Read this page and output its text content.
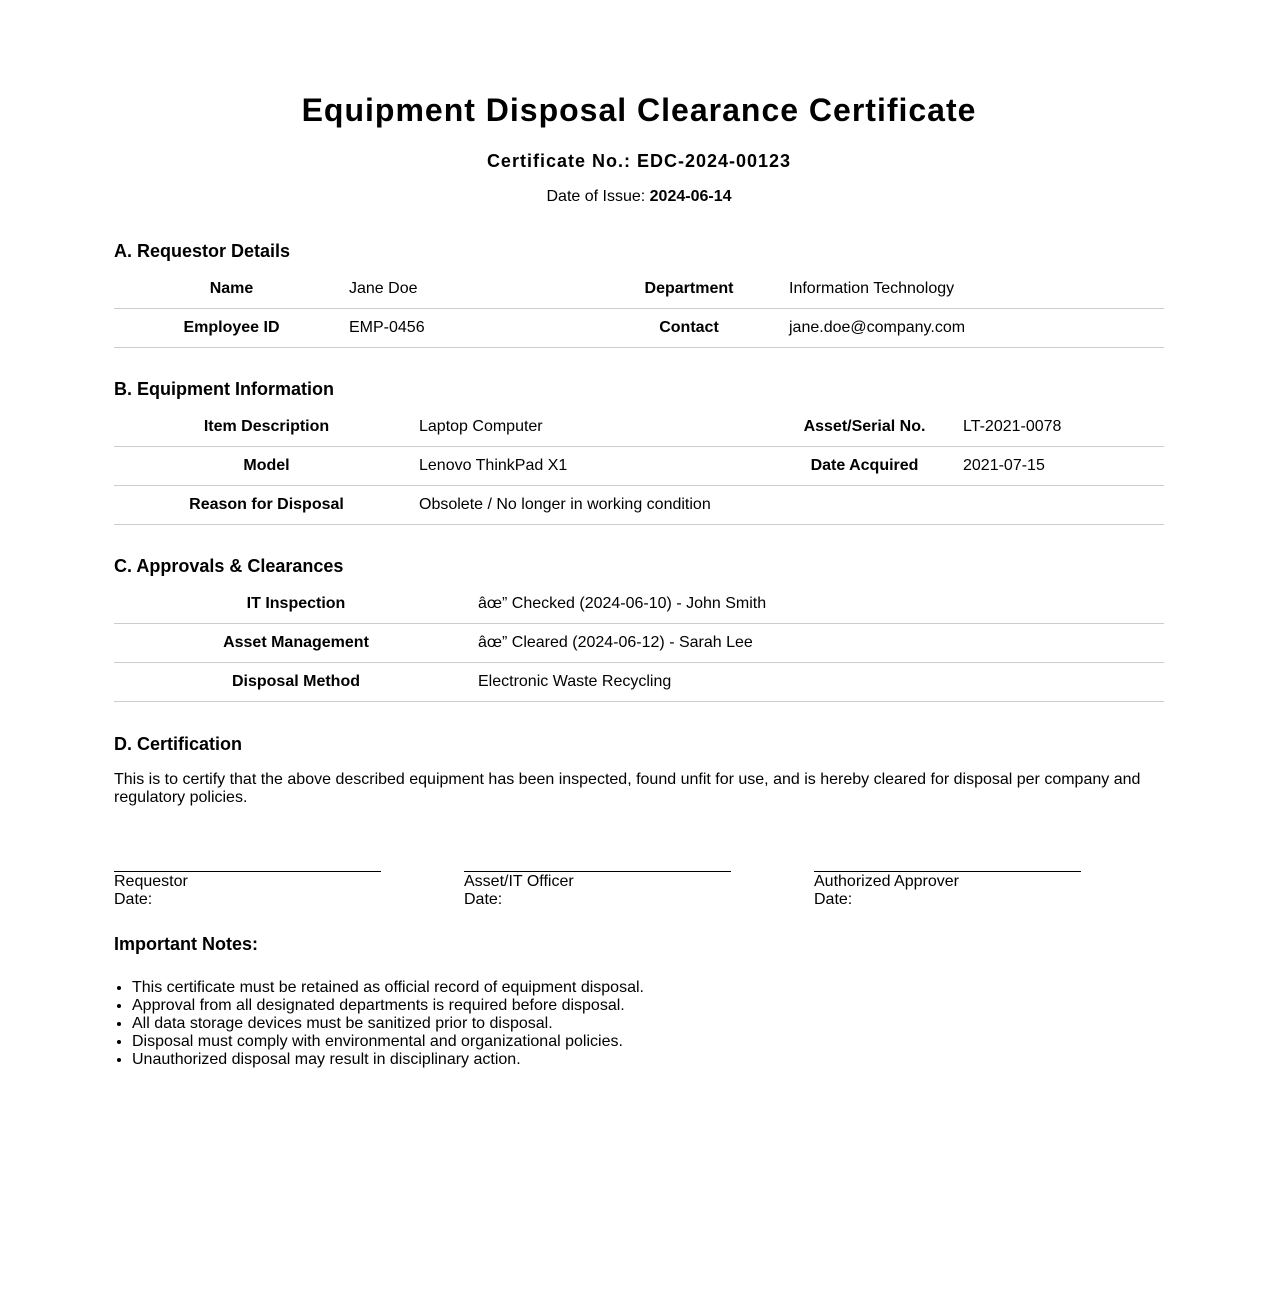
Equipment Disposal Clearance Certificate
Certificate No.: EDC-2024-00123
Date of Issue: 2024-06-14
A. Requestor Details
Name	Jane Doe	Department	Information Technology
Employee ID	EMP-0456	Contact	jane.doe@company.com
B. Equipment Information
Item Description	Laptop Computer	Asset/Serial No.	LT-2021-0078
Model	Lenovo ThinkPad X1	Date Acquired	2021-07-15
Reason for Disposal	Obsolete / No longer in working condition		
C. Approvals & Clearances
IT Inspection	âœ” Checked (2024-06-10) - John Smith
Asset Management	âœ” Cleared (2024-06-12) - Sarah Lee
Disposal Method	Electronic Waste Recycling
D. Certification

This is to certify that the above described equipment has been inspected, found unfit for use, and is hereby cleared for disposal per company and regulatory policies.

Requestor
Date:
Asset/IT Officer
Date:
Authorized Approver
Date:
Important Notes:
• This certificate must be retained as official record of equipment disposal.
• Approval from all designated departments is required before disposal.
• All data storage devices must be sanitized prior to disposal.
• Disposal must comply with environmental and organizational policies.
• Unauthorized disposal may result in disciplinary action.
